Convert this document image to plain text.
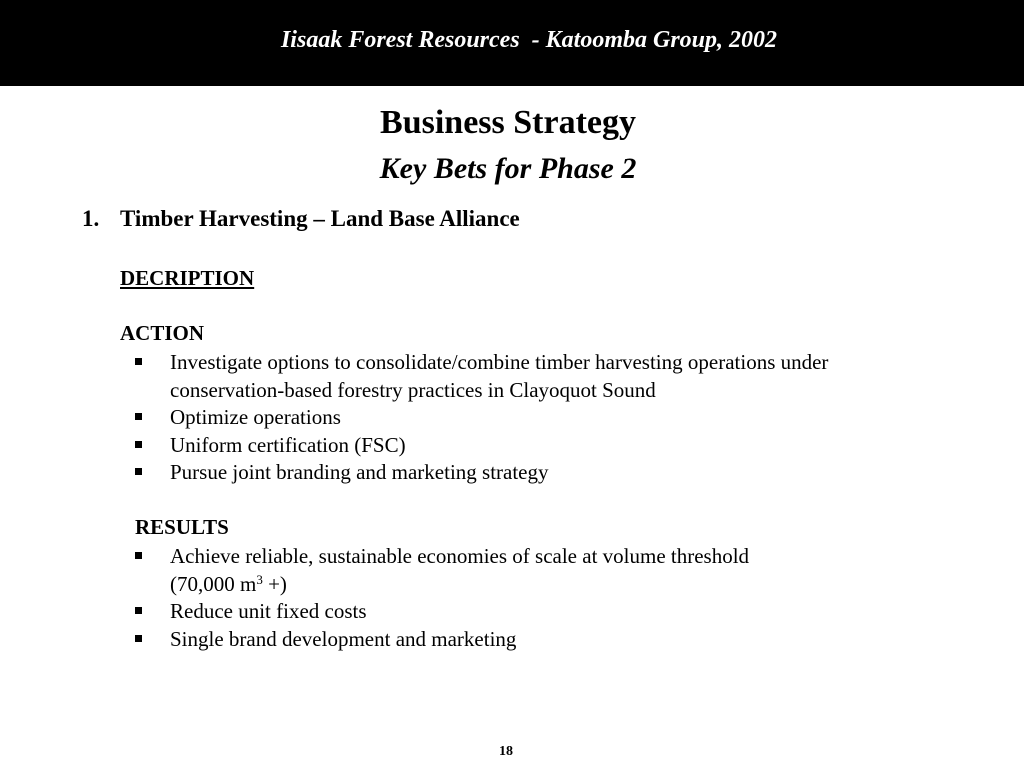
Iisaak Forest Resources  - Katoomba Group, 2002
Business Strategy
Key Bets for Phase 2
1. Timber Harvesting – Land Base Alliance
DECRIPTION
ACTION
Investigate options to consolidate/combine timber harvesting operations under conservation-based forestry practices in Clayoquot Sound
Optimize operations
Uniform certification (FSC)
Pursue joint branding and marketing strategy
RESULTS
Achieve reliable, sustainable economies of scale at volume threshold
(70,000 $m^3$ +)
Reduce unit fixed costs
Single brand development and marketing
18
